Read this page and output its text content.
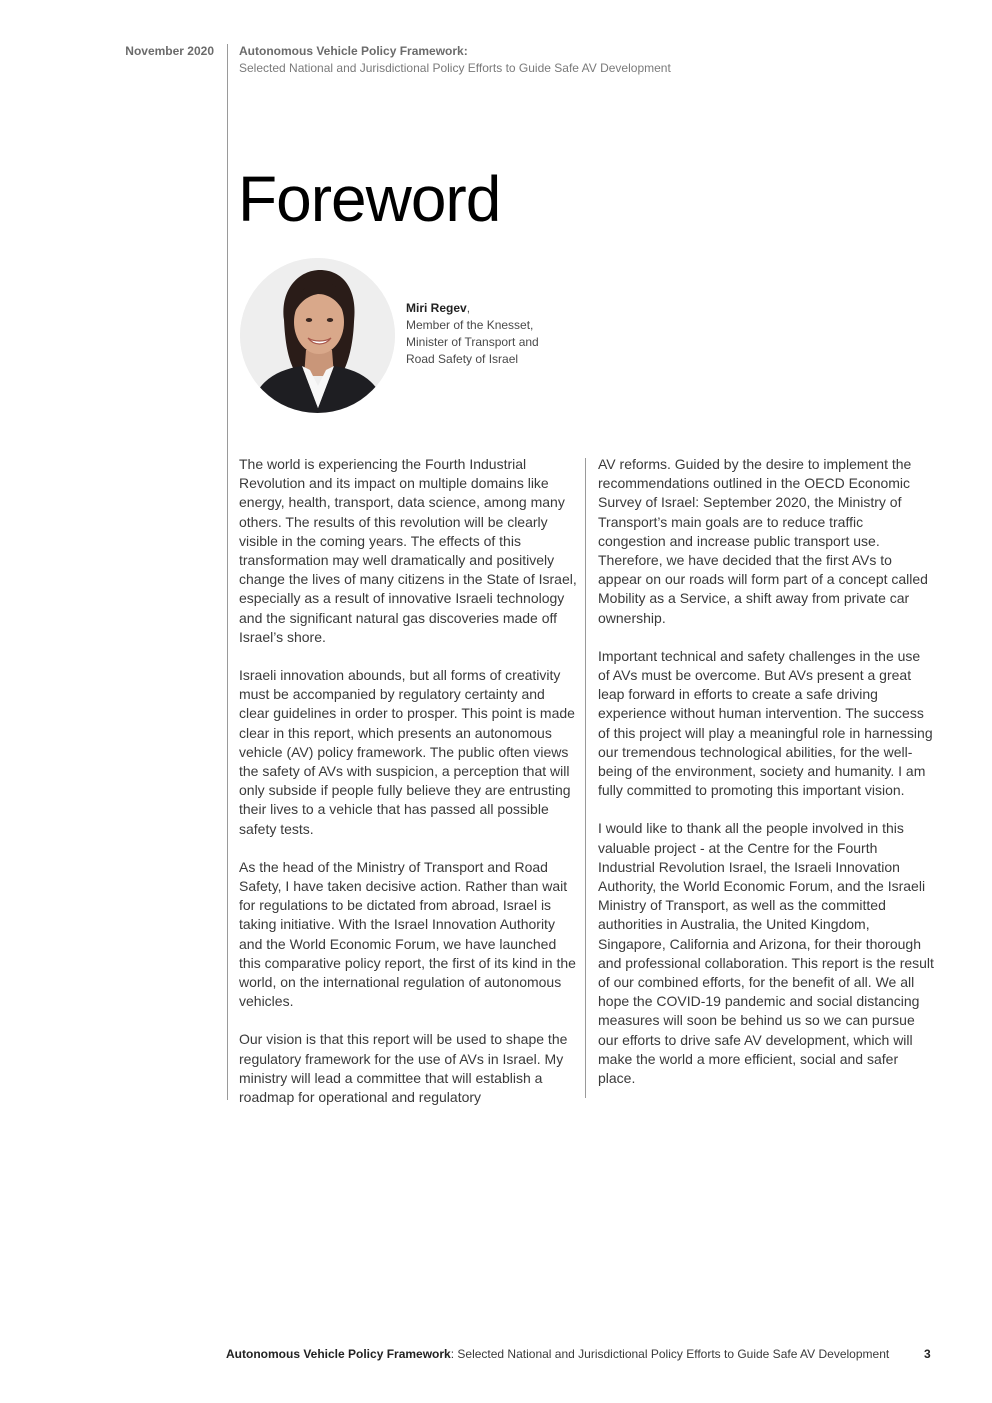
November 2020 Autonomous Vehicle Policy Framework:
Selected National and Jurisdictional Policy Efforts to Guide Safe AV Development
Foreword
Miri Regev,
Member of the Knesset,
Minister of Transport and
Road Safety of Israel

The world is experiencing the Fourth Industrial Revolution and its impact on multiple domains like energy, health, transport, data science, among many others. The results of this revolution will be clearly visible in the coming years. The effects of this transformation may well dramatically and positively change the lives of many citizens in the State of Israel, especially as a result of innovative Israeli technology and the significant natural gas discoveries made off Israel’s shore.

Israeli innovation abounds, but all forms of creativity must be accompanied by regulatory certainty and clear guidelines in order to prosper. This point is made clear in this report, which presents an autonomous vehicle (AV) policy framework. The public often views the safety of AVs with suspicion, a perception that will only subside if people fully believe they are entrusting their lives to a vehicle that has passed all possible safety tests.

As the head of the Ministry of Transport and Road Safety, I have taken decisive action. Rather than wait for regulations to be dictated from abroad, Israel is taking initiative. With the Israel Innovation Authority and the World Economic Forum, we have launched this comparative policy report, the first of its kind in the world, on the international regulation of autonomous vehicles.

Our vision is that this report will be used to shape the regulatory framework for the use of AVs in Israel. My ministry will lead a committee that will establish a roadmap for operational and regulatory

AV reforms. Guided by the desire to implement the recommendations outlined in the OECD Economic Survey of Israel: September 2020, the Ministry of Transport’s main goals are to reduce traffic congestion and increase public transport use. Therefore, we have decided that the first AVs to appear on our roads will form part of a concept called Mobility as a Service, a shift away from private car ownership.

Important technical and safety challenges in the use of AVs must be overcome. But AVs present a great leap forward in efforts to create a safe driving experience without human intervention. The success of this project will play a meaningful role in harnessing our tremendous technological abilities, for the well-being of the environment, society and humanity. I am fully committed to promoting this important vision.

I would like to thank all the people involved in this valuable project - at the Centre for the Fourth Industrial Revolution Israel, the Israeli Innovation Authority, the World Economic Forum, and the Israeli Ministry of Transport, as well as the committed authorities in Australia, the United Kingdom, Singapore, California and Arizona, for their thorough and professional collaboration. This report is the result of our combined efforts, for the benefit of all. We all hope the COVID-19 pandemic and social distancing measures will soon be behind us so we can pursue our efforts to drive safe AV development, which will make the world a more efficient, social and safer place.

Autonomous Vehicle Policy Framework: Selected National and Jurisdictional Policy Efforts to Guide Safe AV Development	3
